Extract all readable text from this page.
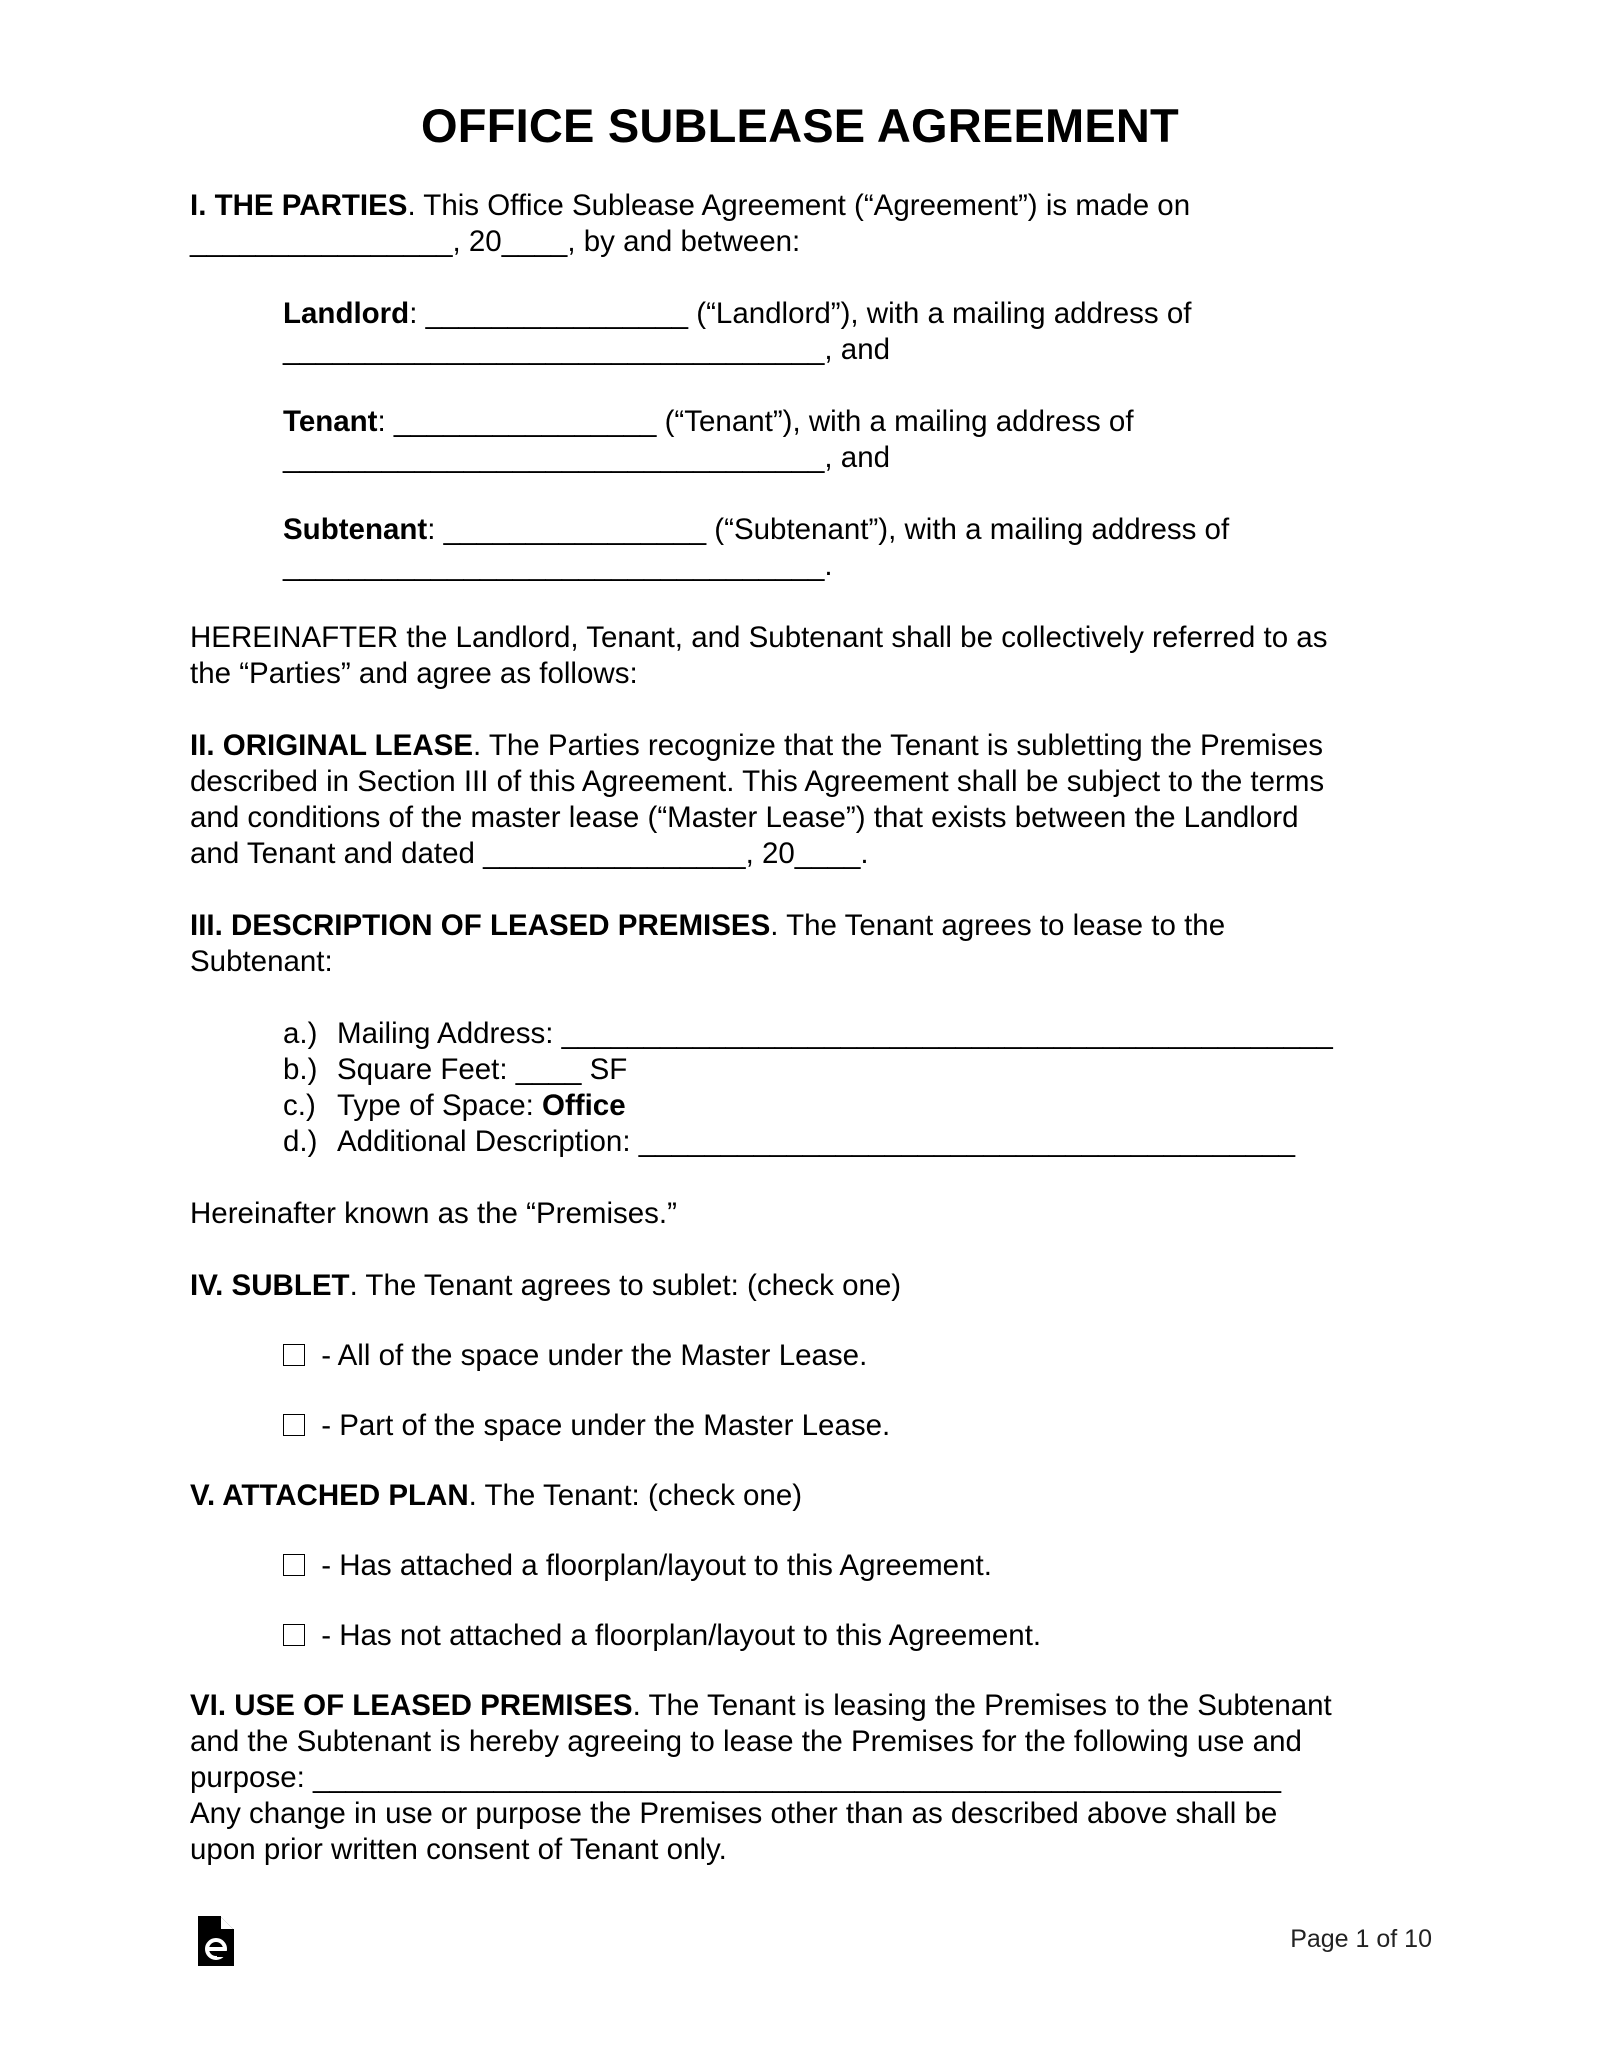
OFFICE SUBLEASE AGREEMENT
I. THE PARTIES. This Office Sublease Agreement (“Agreement”) is made on
________________, 20____, by and between:
Landlord: ________________ (“Landlord”), with a mailing address of
_________________________________, and
Tenant: ________________ (“Tenant”), with a mailing address of
_________________________________, and
Subtenant: ________________ (“Subtenant”), with a mailing address of
_________________________________.
HEREINAFTER the Landlord, Tenant, and Subtenant shall be collectively referred to as
the “Parties” and agree as follows:
II. ORIGINAL LEASE. The Parties recognize that the Tenant is subletting the Premises
described in Section III of this Agreement. This Agreement shall be subject to the terms
and conditions of the master lease (“Master Lease”) that exists between the Landlord
and Tenant and dated ________________, 20____.
III. DESCRIPTION OF LEASED PREMISES. The Tenant agrees to lease to the
Subtenant:
a.) Mailing Address: _______________________________________________
b.) Square Feet: ____ SF
c.) Type of Space: Office
d.) Additional Description: ________________________________________
Hereinafter known as the “Premises.”
IV. SUBLET. The Tenant agrees to sublet: (check one)
- All of the space under the Master Lease.
- Part of the space under the Master Lease.
V. ATTACHED PLAN. The Tenant: (check one)
- Has attached a floorplan/layout to this Agreement.
- Has not attached a floorplan/layout to this Agreement.
VI. USE OF LEASED PREMISES. The Tenant is leasing the Premises to the Subtenant
and the Subtenant is hereby agreeing to lease the Premises for the following use and
purpose: ___________________________________________________________
Any change in use or purpose the Premises other than as described above shall be
upon prior written consent of Tenant only.
Page 1 of 10
